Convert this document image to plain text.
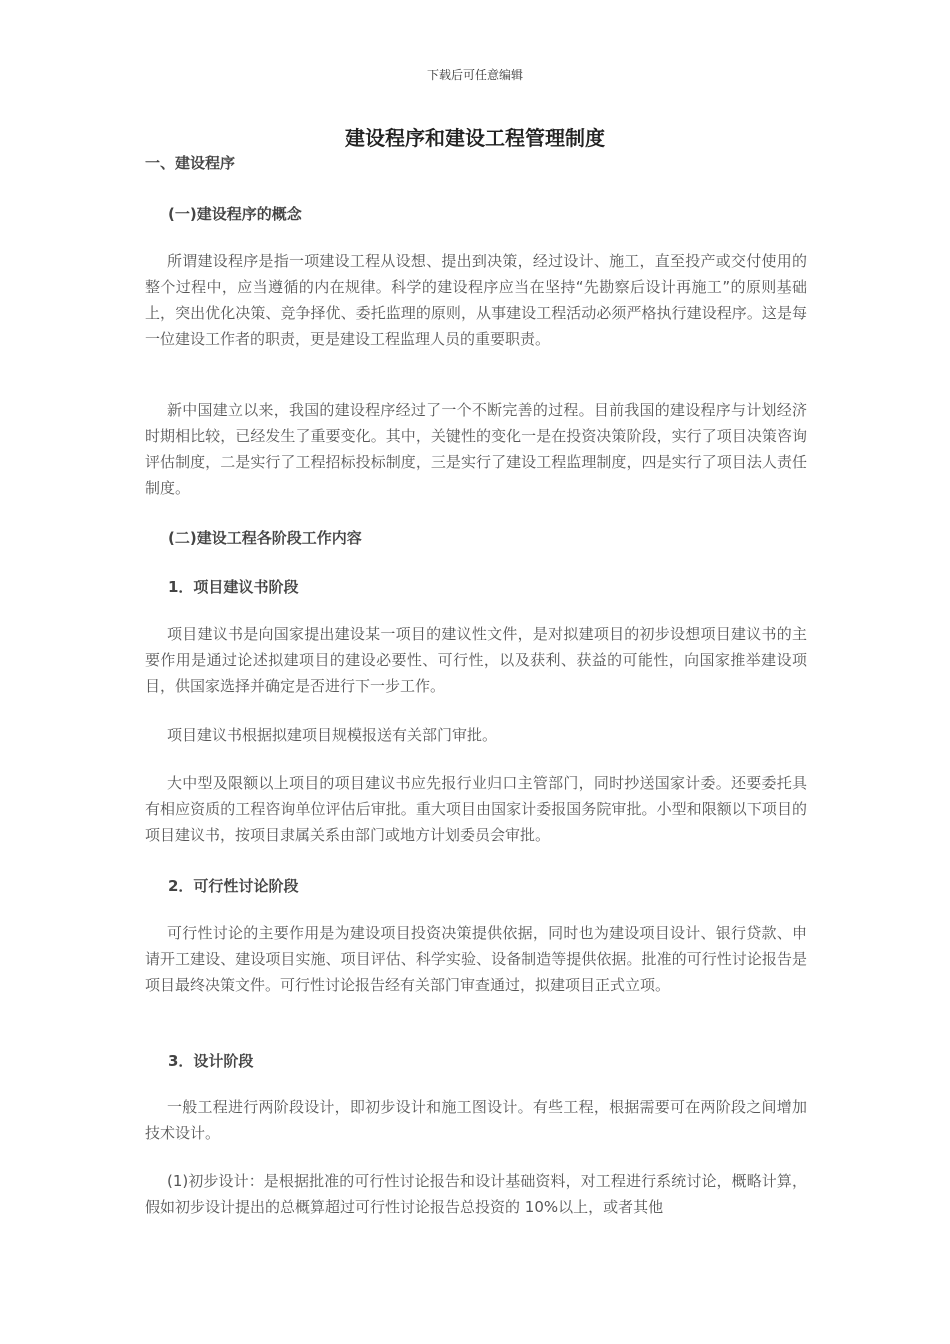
下载后可任意编辑
建设程序和建设工程管理制度
一、建设程序
(一)建设程序的概念

所谓建设程序是指一项建设工程从设想、提出到决策，经过设计、施工，直至投产或交付使用的整个过程中，应当遵循的内在规律。科学的建设程序应当在坚持“先勘察后设计再施工”的原则基础上，突出优化决策、竞争择优、委托监理的原则，从事建设工程活动必须严格执行建设程序。这是每一位建设工作者的职责，更是建设工程监理人员的重要职责。

新中国建立以来，我国的建设程序经过了一个不断完善的过程。目前我国的建设程序与计划经济时期相比较，已经发生了重要变化。其中，关键性的变化一是在投资决策阶段，实行了项目决策咨询评估制度，二是实行了工程招标投标制度，三是实行了建设工程监理制度，四是实行了项目法人责任制度。

(二)建设工程各阶段工作内容
1．项目建议书阶段

项目建议书是向国家提出建设某一项目的建议性文件，是对拟建项目的初步设想项目建议书的主要作用是通过论述拟建项目的建设必要性、可行性，以及获利、获益的可能性，向国家推举建设项目，供国家选择并确定是否进行下一步工作。

项目建议书根据拟建项目规模报送有关部门审批。

大中型及限额以上项目的项目建议书应先报行业归口主管部门，同时抄送国家计委。还要委托具有相应资质的工程咨询单位评估后审批。重大项目由国家计委报国务院审批。小型和限额以下项目的项目建议书，按项目隶属关系由部门或地方计划委员会审批。

2．可行性讨论阶段

可行性讨论的主要作用是为建设项目投资决策提供依据，同时也为建设项目设计、银行贷款、申请开工建设、建设项目实施、项目评估、科学实验、设备制造等提供依据。批准的可行性讨论报告是项目最终决策文件。可行性讨论报告经有关部门审查通过，拟建项目正式立项。

3．设计阶段

一般工程进行两阶段设计，即初步设计和施工图设计。有些工程，根据需要可在两阶段之间增加技术设计。

(1)初步设计：是根据批准的可行性讨论报告和设计基础资料，对工程进行系统讨论，概略计算，假如初步设计提出的总概算超过可行性讨论报告总投资的 10%以上，或者其他
